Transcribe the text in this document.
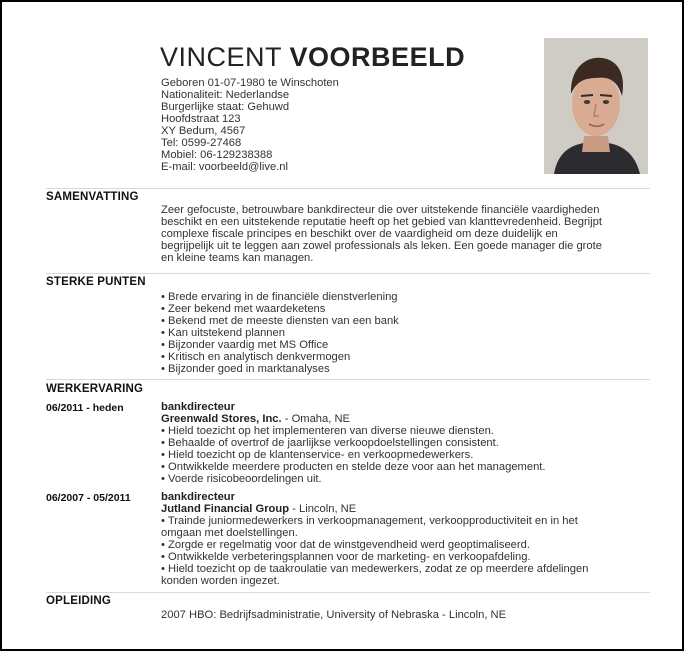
VINCENT VOORBEELD
Geboren 01-07-1980 te Winschoten
Nationaliteit: Nederlandse
Burgerlijke staat: Gehuwd
Hoofdstraat 123
XY Bedum, 4567
Tel: 0599-27468
Mobiel: 06-129238388
E-mail: voorbeeld@live.nl
SAMENVATTING
Zeer gefocuste, betrouwbare bankdirecteur die over uitstekende financiële vaardigheden
beschikt en een uitstekende reputatie heeft op het gebied van klanttevredenheid. Begrijpt
complexe fiscale principes en beschikt over de vaardigheid om deze duidelijk en
begrijpelijk uit te leggen aan zowel professionals als leken. Een goede manager die grote
en kleine teams kan managen.
STERKE PUNTEN
• Brede ervaring in de financiële dienstverlening
• Zeer bekend met waardeketens
• Bekend met de meeste diensten van een bank
• Kan uitstekend plannen
• Bijzonder vaardig met MS Office
• Kritisch en analytisch denkvermogen
• Bijzonder goed in marktanalyses
WERKERVARING
06/2011 - heden	bankdirecteur
Greenwald Stores, Inc. - Omaha, NE
• Hield toezicht op het implementeren van diverse nieuwe diensten.
• Behaalde of overtrof de jaarlijkse verkoopdoelstellingen consistent.
• Hield toezicht op de klantenservice- en verkoopmedewerkers.
• Ontwikkelde meerdere producten en stelde deze voor aan het management.
• Voerde risicobeoordelingen uit.
06/2007 - 05/2011	bankdirecteur
Jutland Financial Group - Lincoln, NE
• Trainde juniormedewerkers in verkoopmanagement, verkoopproductiviteit en in het
omgaan met doelstellingen.
• Zorgde er regelmatig voor dat de winstgevendheid werd geoptimaliseerd.
• Ontwikkelde verbeteringsplannen voor de marketing- en verkoopafdeling.
• Hield toezicht op de taakroulatie van medewerkers, zodat ze op meerdere afdelingen
konden worden ingezet.
OPLEIDING
2007 HBO: Bedrijfsadministratie, University of Nebraska - Lincoln, NE
